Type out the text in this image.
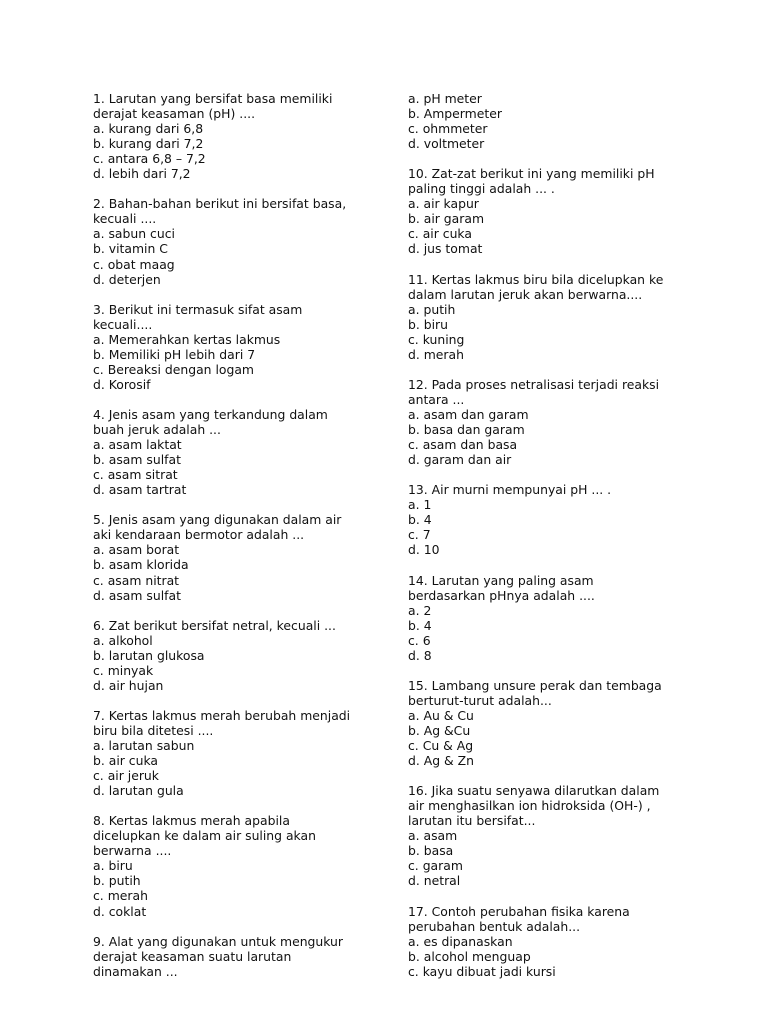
1. Larutan yang bersifat basa memiliki
derajat keasaman (pH) ....
a. kurang dari 6,8
b. kurang dari 7,2
c. antara 6,8 – 7,2
d. lebih dari 7,2
2. Bahan-bahan berikut ini bersifat basa,
kecuali ....
a. sabun cuci
b. vitamin C
c. obat maag
d. deterjen
3. Berikut ini termasuk sifat asam
kecuali....
a. Memerahkan kertas lakmus
b. Memiliki pH lebih dari 7
c. Bereaksi dengan logam
d. Korosif
4. Jenis asam yang terkandung dalam
buah jeruk adalah ...
a. asam laktat
b. asam sulfat
c. asam sitrat
d. asam tartrat
5. Jenis asam yang digunakan dalam air
aki kendaraan bermotor adalah ...
a. asam borat
b. asam klorida
c. asam nitrat
d. asam sulfat
6. Zat berikut bersifat netral, kecuali ...
a. alkohol
b. larutan glukosa
c. minyak
d. air hujan
7. Kertas lakmus merah berubah menjadi
biru bila ditetesi ....
a. larutan sabun
b. air cuka
c. air jeruk
d. larutan gula
8. Kertas lakmus merah apabila
dicelupkan ke dalam air suling akan
berwarna ....
a. biru
b. putih
c. merah
d. coklat
9. Alat yang digunakan untuk mengukur
derajat keasaman suatu larutan
dinamakan ...
a. pH meter
b. Ampermeter
c. ohmmeter
d. voltmeter
10. Zat-zat berikut ini yang memiliki pH
paling tinggi adalah ... .
a. air kapur
b. air garam
c. air cuka
d. jus tomat
11. Kertas lakmus biru bila dicelupkan ke
dalam larutan jeruk akan berwarna....
a. putih
b. biru
c. kuning
d. merah
12. Pada proses netralisasi terjadi reaksi
antara ...
a. asam dan garam
b. basa dan garam
c. asam dan basa
d. garam dan air
13. Air murni mempunyai pH ... .
a. 1
b. 4
c. 7
d. 10
14. Larutan yang paling asam
berdasarkan pHnya adalah ....
a. 2
b. 4
c. 6
d. 8
15. Lambang unsure perak dan tembaga
berturut-turut adalah...
a. Au & Cu
b. Ag &Cu
c. Cu & Ag
d. Ag & Zn
16. Jika suatu senyawa dilarutkan dalam
air menghasilkan ion hidroksida (OH-) ,
larutan itu bersifat...
a. asam
b. basa
c. garam
d. netral
17. Contoh perubahan fisika karena
perubahan bentuk adalah...
a. es dipanaskan
b. alcohol menguap
c. kayu dibuat jadi kursi
